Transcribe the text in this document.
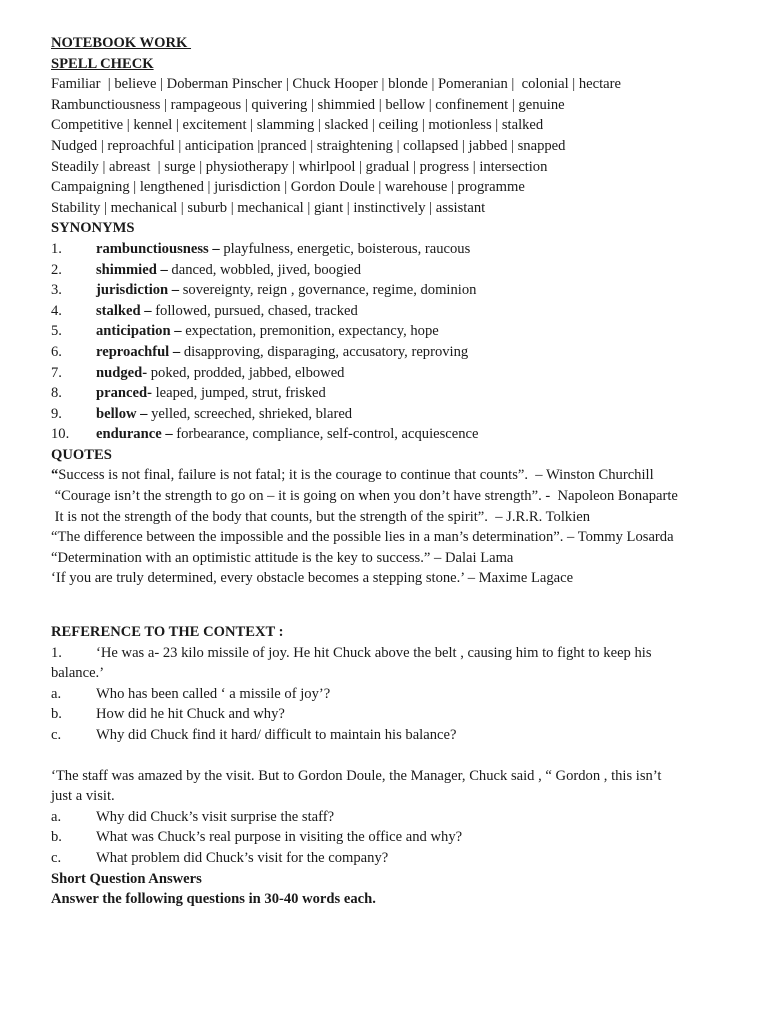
NOTEBOOK WORK
SPELL CHECK
Familiar  | believe | Doberman Pinscher | Chuck Hooper | blonde | Pomeranian |  colonial | hectare
Rambunctiousness | rampageous | quivering | shimmied | bellow | confinement | genuine
Competitive | kennel | excitement | slamming | slacked | ceiling | motionless | stalked
Nudged | reproachful | anticipation |pranced | straightening | collapsed | jabbed | snapped
Steadily | abreast  | surge | physiotherapy | whirlpool | gradual | progress | intersection
Campaigning | lengthened | jurisdiction | Gordon Doule | warehouse | programme
Stability | mechanical | suburb | mechanical | giant | instinctively | assistant
SYNONYMS
1.	rambunctiousness – playfulness, energetic, boisterous, raucous
2.	shimmied – danced, wobbled, jived, boogied
3.	jurisdiction – sovereignty, reign , governance, regime, dominion
4.	stalked – followed, pursued, chased, tracked
5.	anticipation – expectation, premonition, expectancy, hope
6.	reproachful – disapproving, disparaging, accusatory, reproving
7.	nudged- poked, prodded, jabbed, elbowed
8.	pranced- leaped, jumped, strut, frisked
9.	bellow – yelled, screeched, shrieked, blared
10.	endurance – forbearance, compliance, self-control, acquiescence
QUOTES
“Success is not final, failure is not fatal; it is the courage to continue that counts”.  – Winston Churchill
“Courage isn’t the strength to go on – it is going on when you don’t have strength”. -  Napoleon Bonaparte
It is not the strength of the body that counts, but the strength of the spirit”.  – J.R.R. Tolkien
“The difference between the impossible and the possible lies in a man’s determination”. – Tommy Losarda
“Determination with an optimistic attitude is the key to success.” – Dalai Lama
‘If you are truly determined, every obstacle becomes a stepping stone.’ – Maxime Lagace
REFERENCE TO THE CONTEXT :
1.	‘He was a- 23 kilo missile of joy. He hit Chuck above the belt , causing him to fight to keep his
balance.’
a.	Who has been called ‘ a missile of joy’?
b.	How did he hit Chuck and why?
c.	Why did Chuck find it hard/ difficult to maintain his balance?
‘The staff was amazed by the visit. But to Gordon Doule, the Manager, Chuck said , “ Gordon , this isn’t
just a visit.
a.	Why did Chuck’s visit surprise the staff?
b.	What was Chuck’s real purpose in visiting the office and why?
c.	What problem did Chuck’s visit for the company?
Short Question Answers
Answer the following questions in 30-40 words each.
